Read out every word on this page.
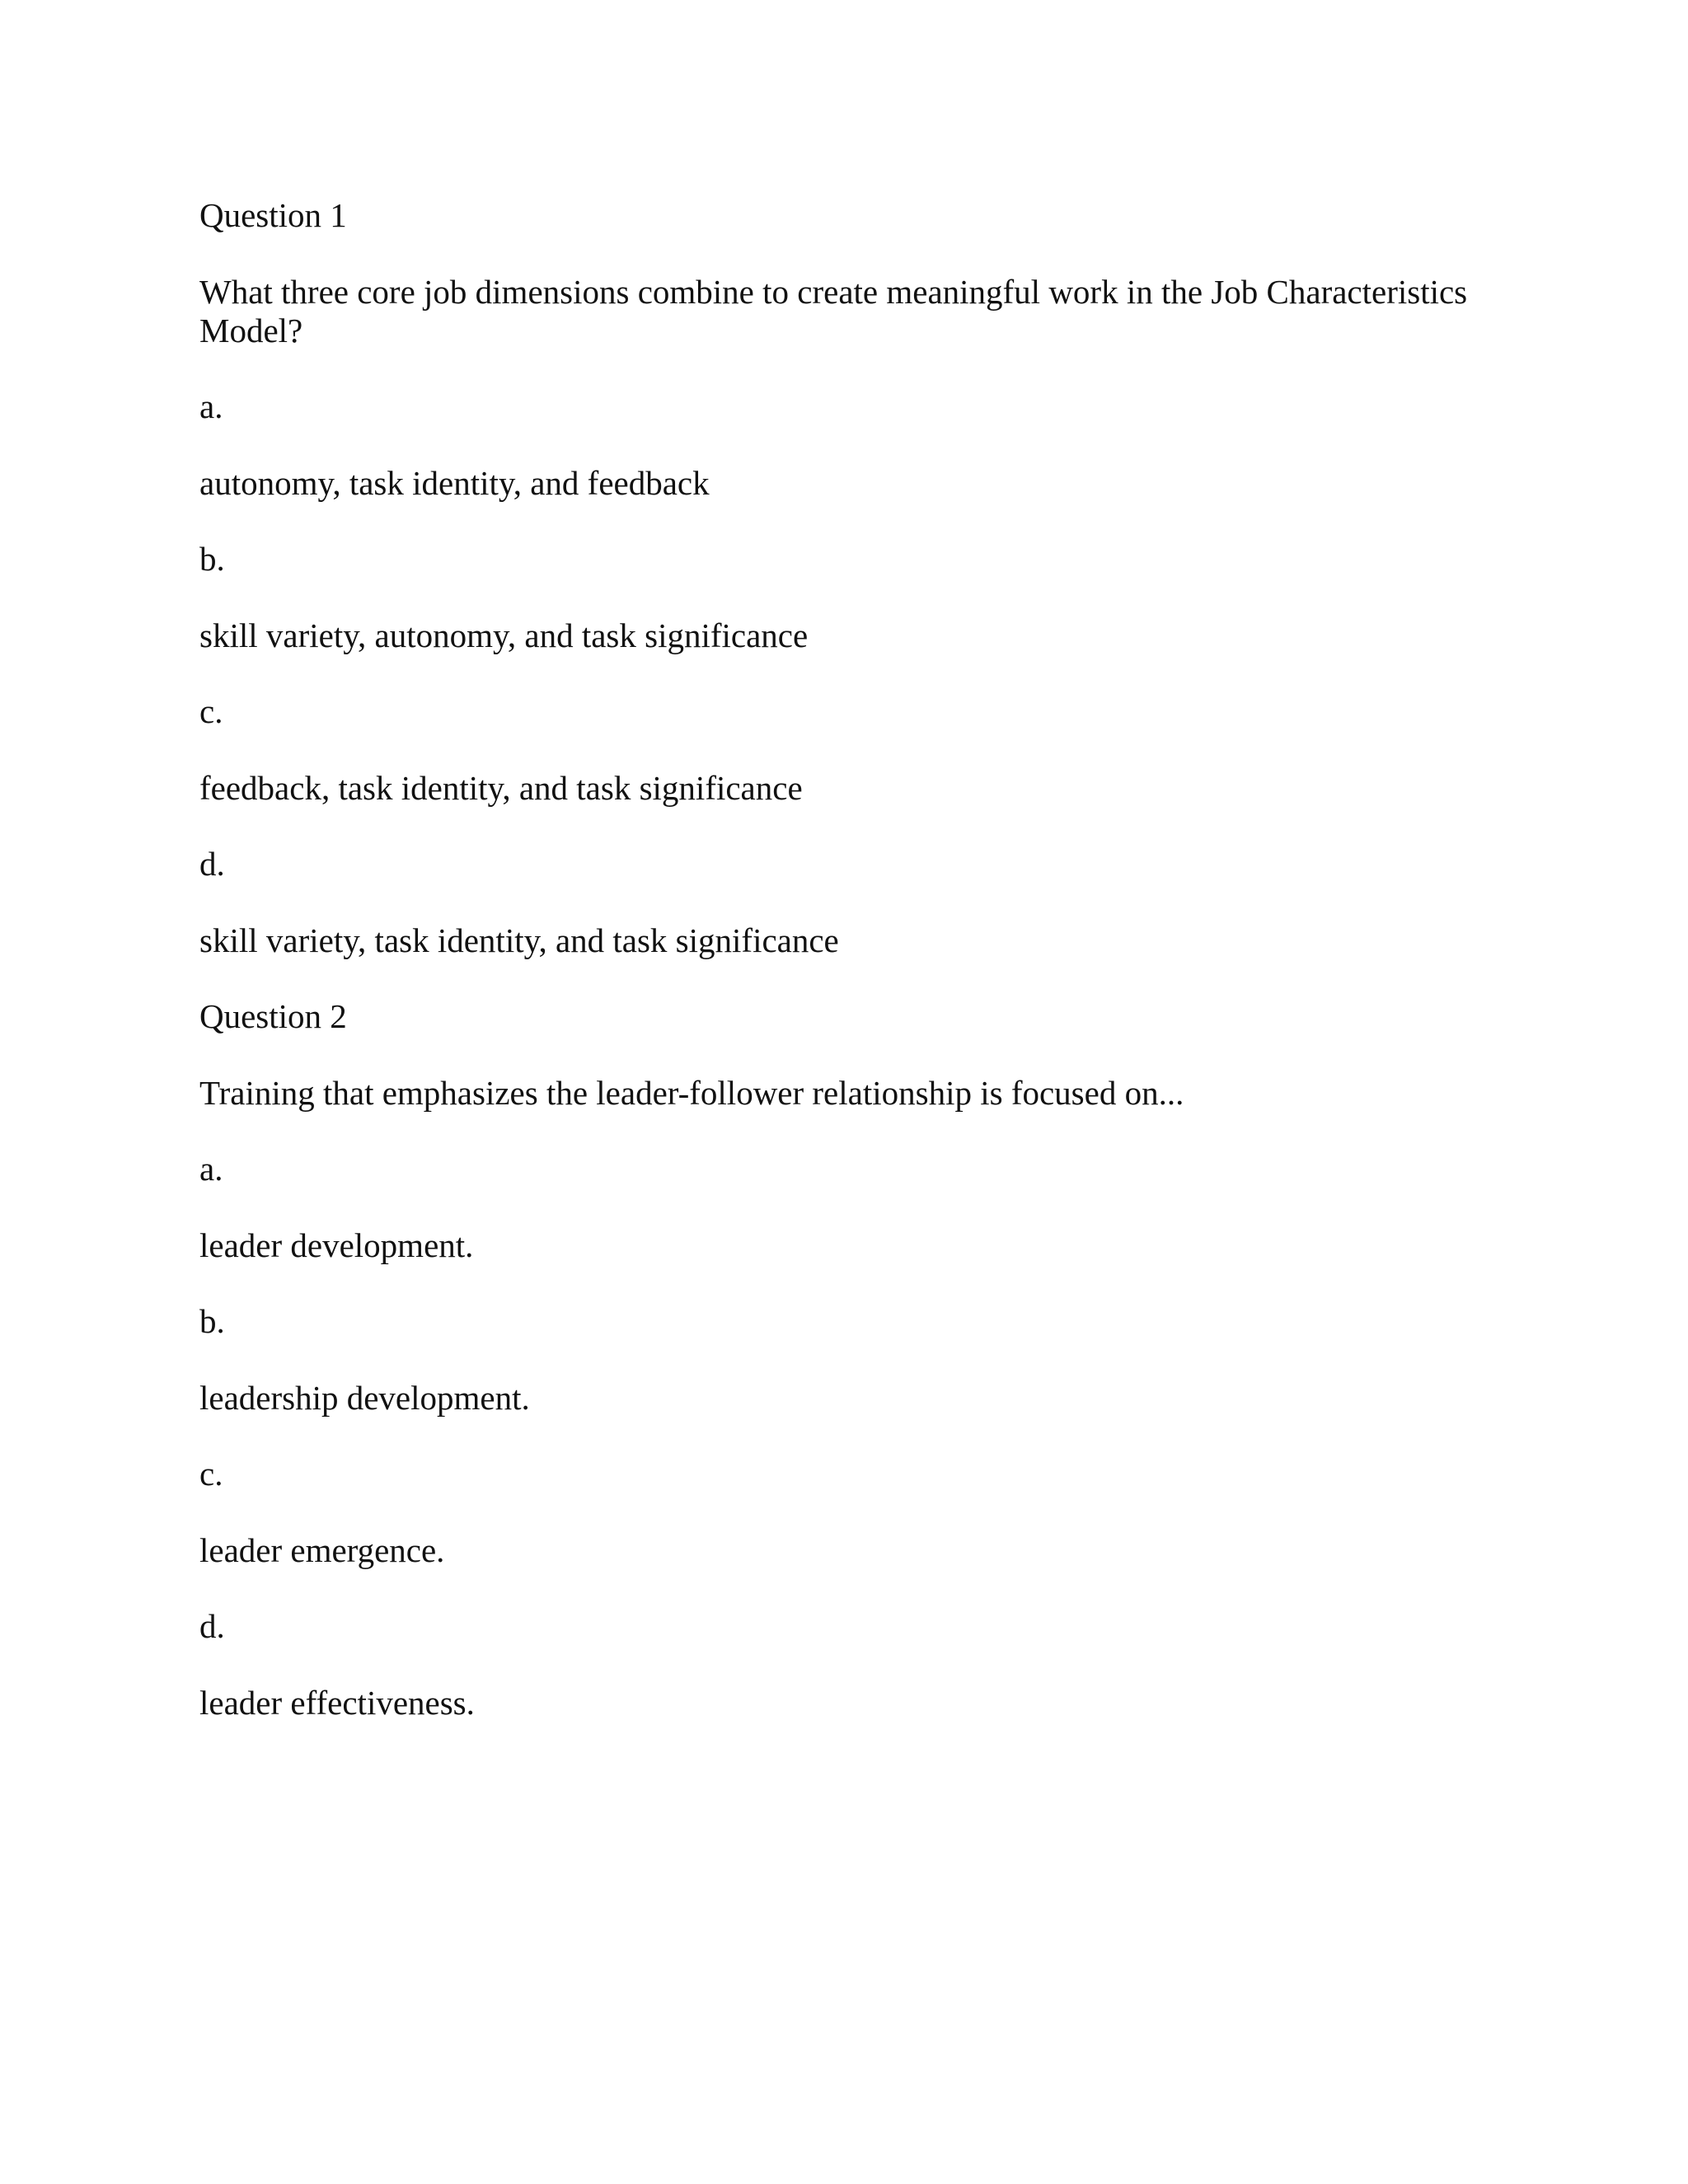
Question 1
What three core job dimensions combine to create meaningful work in the Job Characteristics Model?
a.
autonomy, task identity, and feedback
b.
skill variety, autonomy, and task significance
c.
feedback, task identity, and task significance
d.
skill variety, task identity, and task significance
Question 2
Training that emphasizes the leader-follower relationship is focused on...
a.
leader development.
b.
leadership development.
c.
leader emergence.
d.
leader effectiveness.
